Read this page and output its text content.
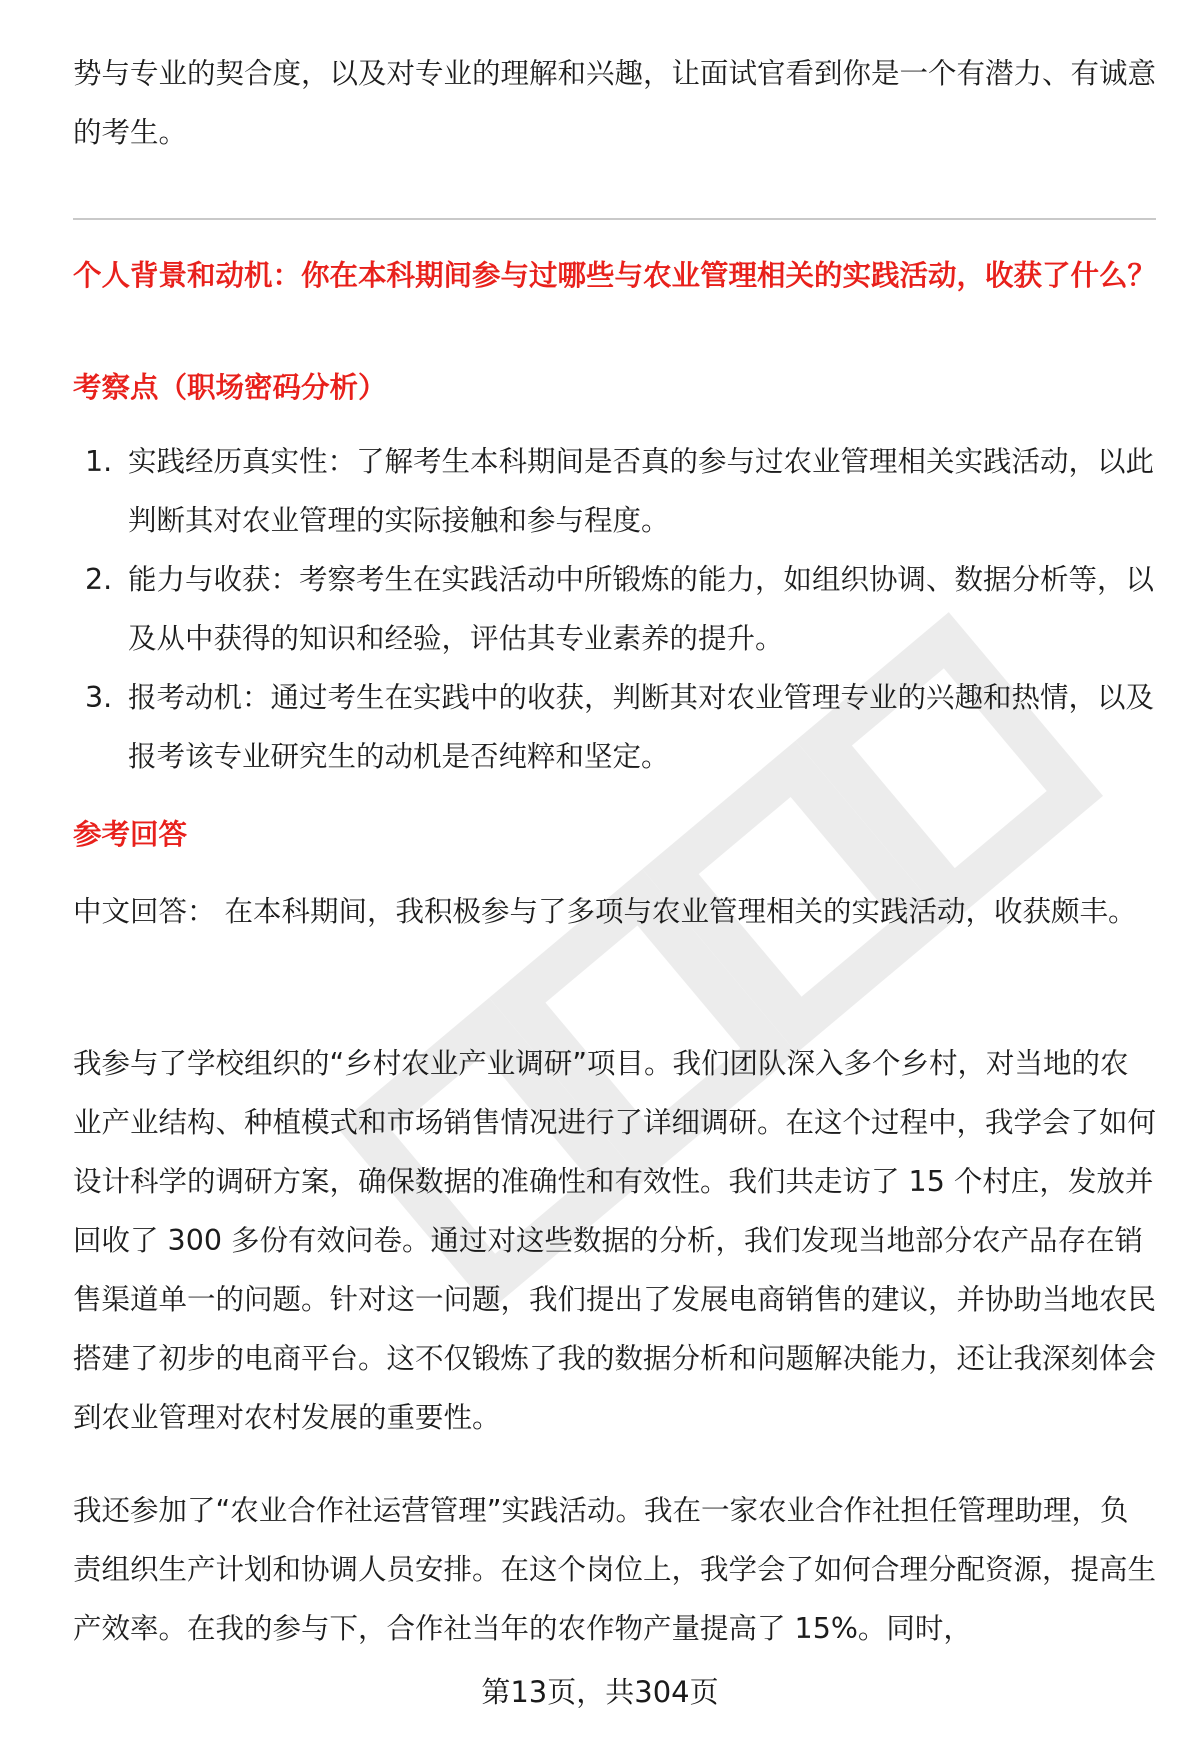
势与专业的契合度，以及对专业的理解和兴趣，让面试官看到你是一个有潜力、有诚意的考生。

个人背景和动机：你在本科期间参与过哪些与农业管理相关的实践活动，收获了什么？

考察点（职场密码分析）

1. 实践经历真实性：了解考生本科期间是否真的参与过农业管理相关实践活动，以此判断其对农业管理的实际接触和参与程度。
2. 能力与收获：考察考生在实践活动中所锻炼的能力，如组织协调、数据分析等，以及从中获得的知识和经验，评估其专业素养的提升。
3. 报考动机：通过考生在实践中的收获，判断其对农业管理专业的兴趣和热情，以及报考该专业研究生的动机是否纯粹和坚定。

参考回答

中文回答： 在本科期间，我积极参与了多项与农业管理相关的实践活动，收获颇丰。

我参与了学校组织的“乡村农业产业调研”项目。我们团队深入多个乡村，对当地的农业产业结构、种植模式和市场销售情况进行了详细调研。在这个过程中，我学会了如何设计科学的调研方案，确保数据的准确性和有效性。我们共走访了 15 个村庄，发放并回收了 300 多份有效问卷。通过对这些数据的分析，我们发现当地部分农产品存在销售渠道单一的问题。针对这一问题，我们提出了发展电商销售的建议，并协助当地农民搭建了初步的电商平台。这不仅锻炼了我的数据分析和问题解决能力，还让我深刻体会到农业管理对农村发展的重要性。

我还参加了“农业合作社运营管理”实践活动。我在一家农业合作社担任管理助理，负责组织生产计划和协调人员安排。在这个岗位上，我学会了如何合理分配资源，提高生产效率。在我的参与下，合作社当年的农作物产量提高了 15%。同时，

第13页，共304页
